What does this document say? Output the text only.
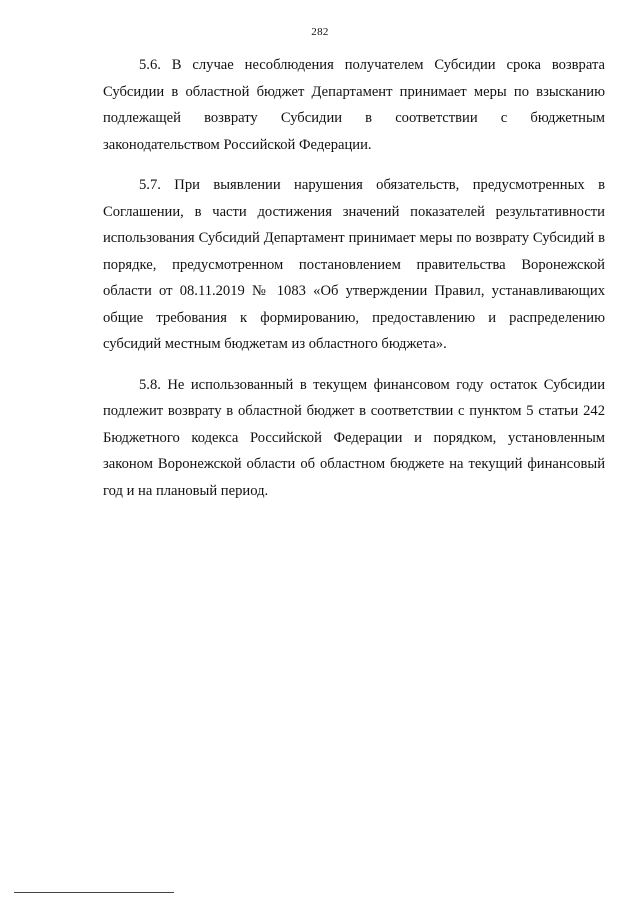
282

5.6. В случае несоблюдения получателем Субсидии срока возврата Субсидии в областной бюджет Департамент принимает меры по взысканию подлежащей возврату Субсидии в соответствии с бюджетным законодательством Российской Федерации.

5.7. При выявлении нарушения обязательств, предусмотренных в Соглашении, в части достижения значений показателей результативности использования Субсидий Департамент принимает меры по возврату Субсидий в порядке, предусмотренном постановлением правительства Воронежской области от 08.11.2019 № 1083 «Об утверждении Правил, устанавливающих общие требования к формированию, предоставлению и распределению субсидий местным бюджетам из областного бюджета».

5.8. Не использованный в текущем финансовом году остаток Субсидии подлежит возврату в областной бюджет в соответствии с пунктом 5 статьи 242 Бюджетного кодекса Российской Федерации и порядком, установленным законом Воронежской области об областном бюджете на текущий финансовый год и на плановый период.
